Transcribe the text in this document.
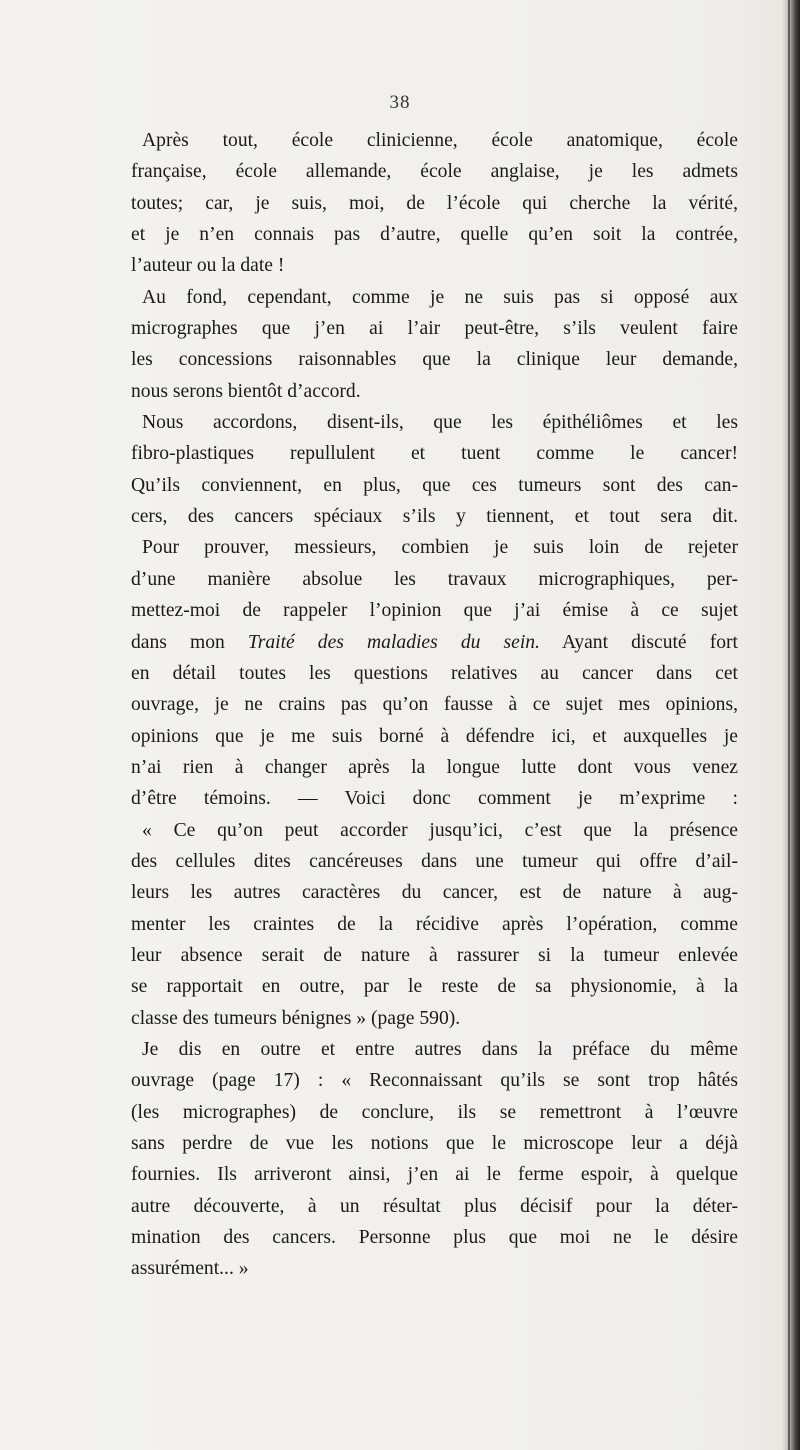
38
Après tout, école clinicienne, école anatomique, école
française, école allemande, école anglaise, je les admets
toutes; car, je suis, moi, de l’école qui cherche la vérité,
et je n’en connais pas d’autre, quelle qu’en soit la contrée,
l’auteur ou la date !
Au fond, cependant, comme je ne suis pas si opposé aux
micrographes que j’en ai l’air peut-être, s’ils veulent faire
les concessions raisonnables que la clinique leur demande,
nous serons bientôt d’accord.
Nous accordons, disent-ils, que les épithéliômes et les
fibro-plastiques repullulent et tuent comme le cancer!
Qu’ils conviennent, en plus, que ces tumeurs sont des can-
cers, des cancers spéciaux s’ils y tiennent, et tout sera dit.
Pour prouver, messieurs, combien je suis loin de rejeter
d’une manière absolue les travaux micrographiques, per-
mettez-moi de rappeler l’opinion que j’ai émise à ce sujet
dans mon Traité des maladies du sein. Ayant discuté fort
en détail toutes les questions relatives au cancer dans cet
ouvrage, je ne crains pas qu’on fausse à ce sujet mes opinions,
opinions que je me suis borné à défendre ici, et auxquelles je
n’ai rien à changer après la longue lutte dont vous venez
d’être témoins. — Voici donc comment je m’exprime :
« Ce qu’on peut accorder jusqu’ici, c’est que la présence
des cellules dites cancéreuses dans une tumeur qui offre d’ail-
leurs les autres caractères du cancer, est de nature à aug-
menter les craintes de la récidive après l’opération, comme
leur absence serait de nature à rassurer si la tumeur enlevée
se rapportait en outre, par le reste de sa physionomie, à la
classe des tumeurs bénignes » (page 590).
Je dis en outre et entre autres dans la préface du même
ouvrage (page 17) : « Reconnaissant qu’ils se sont trop hâtés
(les micrographes) de conclure, ils se remettront à l’œuvre
sans perdre de vue les notions que le microscope leur a déjà
fournies. Ils arriveront ainsi, j’en ai le ferme espoir, à quelque
autre découverte, à un résultat plus décisif pour la déter-
mination des cancers. Personne plus que moi ne le désire
assurément... »
